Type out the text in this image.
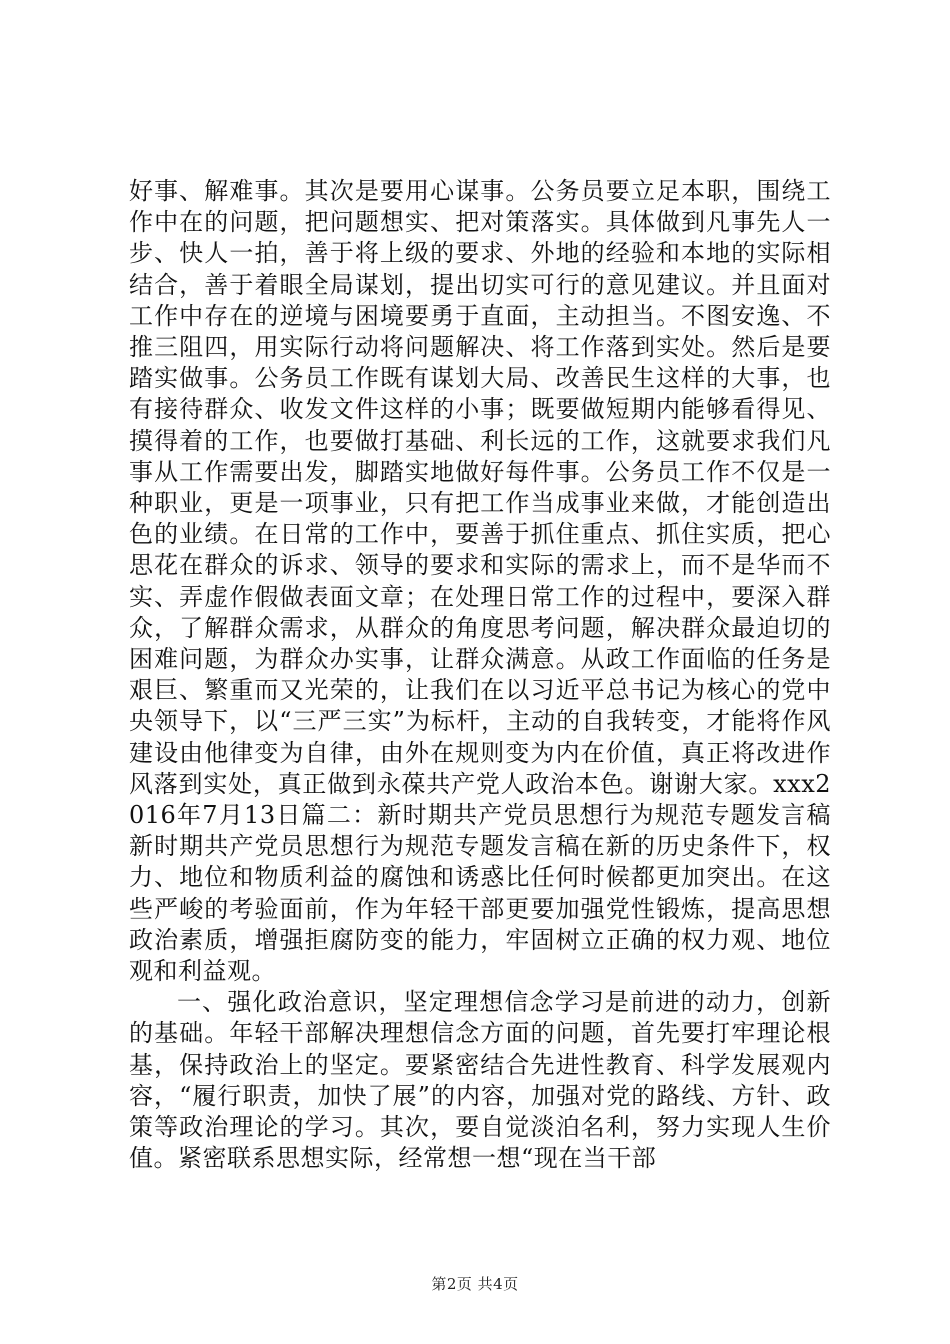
好事、解难事。其次是要用心谋事。公务员要立足本职，围绕工作中在的问题，把问题想实、把对策落实。具体做到凡事先人一步、快人一拍，善于将上级的要求、外地的经验和本地的实际相结合，善于着眼全局谋划，提出切实可行的意见建议。并且面对工作中存在的逆境与困境要勇于直面，主动担当。不图安逸、不推三阻四，用实际行动将问题解决、将工作落到实处。然后是要踏实做事。公务员工作既有谋划大局、改善民生这样的大事，也有接待群众、收发文件这样的小事；既要做短期内能够看得见、摸得着的工作，也要做打基础、利长远的工作，这就要求我们凡事从工作需要出发，脚踏实地做好每件事。公务员工作不仅是一种职业，更是一项事业，只有把工作当成事业来做，才能创造出色的业绩。在日常的工作中，要善于抓住重点、抓住实质，把心思花在群众的诉求、领导的要求和实际的需求上，而不是华而不实、弄虚作假做表面文章；在处理日常工作的过程中，要深入群众，了解群众需求，从群众的角度思考问题，解决群众最迫切的困难问题，为群众办实事，让群众满意。从政工作面临的任务是艰巨、繁重而又光荣的，让我们在以习近平总书记为核心的党中央领导下，以“三严三实”为标杆，主动的自我转变，才能将作风建设由他律变为自律，由外在规则变为内在价值，真正将改进作风落到实处，真正做到永葆共产党人政治本色。谢谢大家。xxx2016年7月13日篇二：新时期共产党员思想行为规范专题发言稿新时期共产党员思想行为规范专题发言稿在新的历史条件下，权力、地位和物质利益的腐蚀和诱惑比任何时候都更加突出。在这些严峻的考验面前，作为年轻干部更要加强党性锻炼，提高思想政治素质，增强拒腐防变的能力，牢固树立正确的权力观、地位观和利益观。

一、强化政治意识，坚定理想信念学习是前进的动力，创新的基础。年轻干部解决理想信念方面的问题，首先要打牢理论根基，保持政治上的坚定。要紧密结合先进性教育、科学发展观内容，“履行职责，加快了展”的内容，加强对党的路线、方针、政策等政治理论的学习。其次，要自觉淡泊名利，努力实现人生价值。紧密联系思想实际，经常想一想“现在当干部

第2页 共4页
